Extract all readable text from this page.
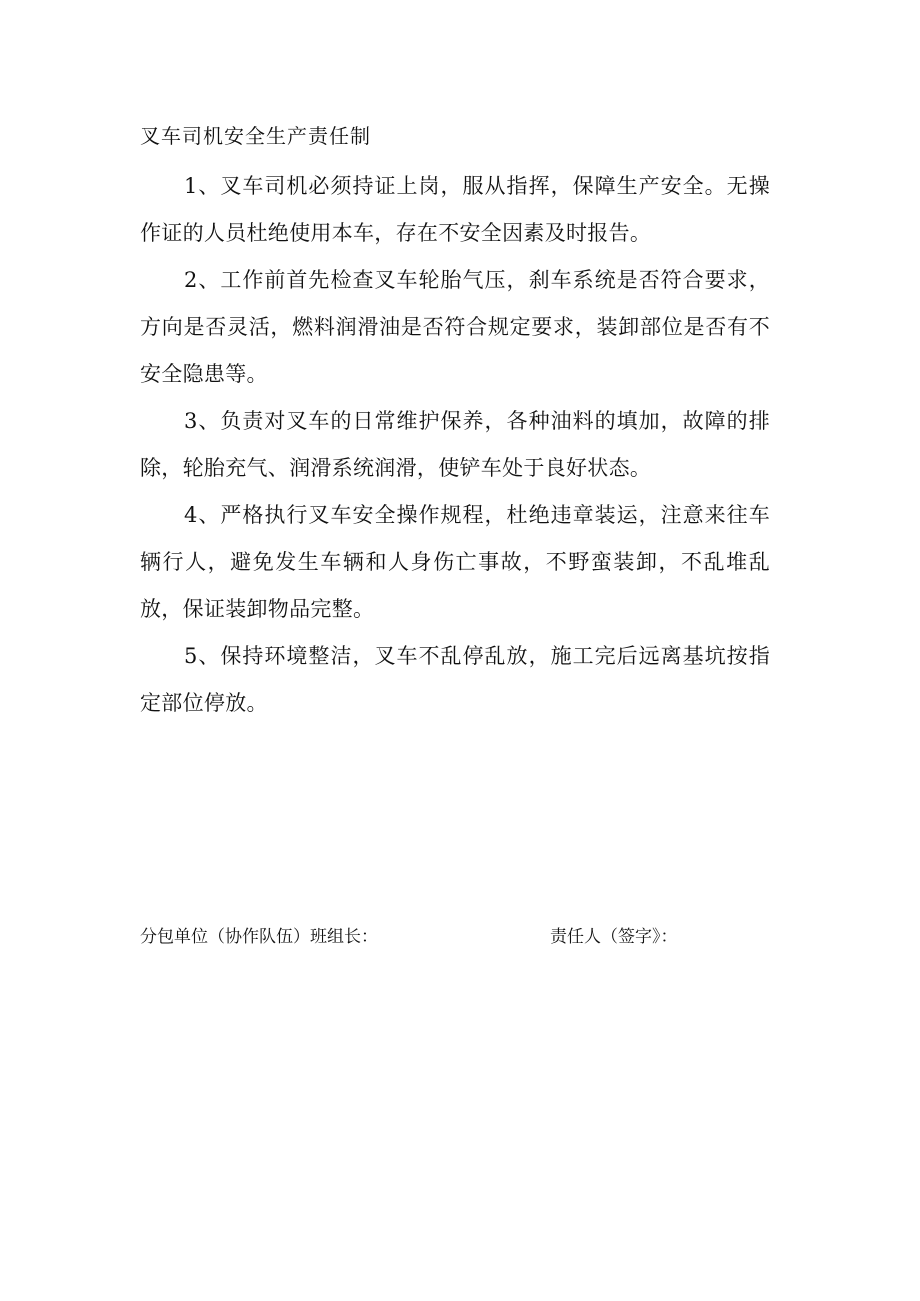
叉车司机安全生产责任制

1、叉车司机必须持证上岗，服从指挥，保障生产安全。无操作证的人员杜绝使用本车，存在不安全因素及时报告。

2、工作前首先检查叉车轮胎气压，刹车系统是否符合要求，方向是否灵活，燃料润滑油是否符合规定要求，装卸部位是否有不安全隐患等。

3、负责对叉车的日常维护保养，各种油料的填加，故障的排除，轮胎充气、润滑系统润滑，使铲车处于良好状态。

4、严格执行叉车安全操作规程，杜绝违章装运，注意来往车辆行人，避免发生车辆和人身伤亡事故，不野蛮装卸，不乱堆乱放，保证装卸物品完整。

5、保持环境整洁，叉车不乱停乱放，施工完后远离基坑按指定部位停放。

分包单位（协作队伍）班组长：	责任人（签字》：
